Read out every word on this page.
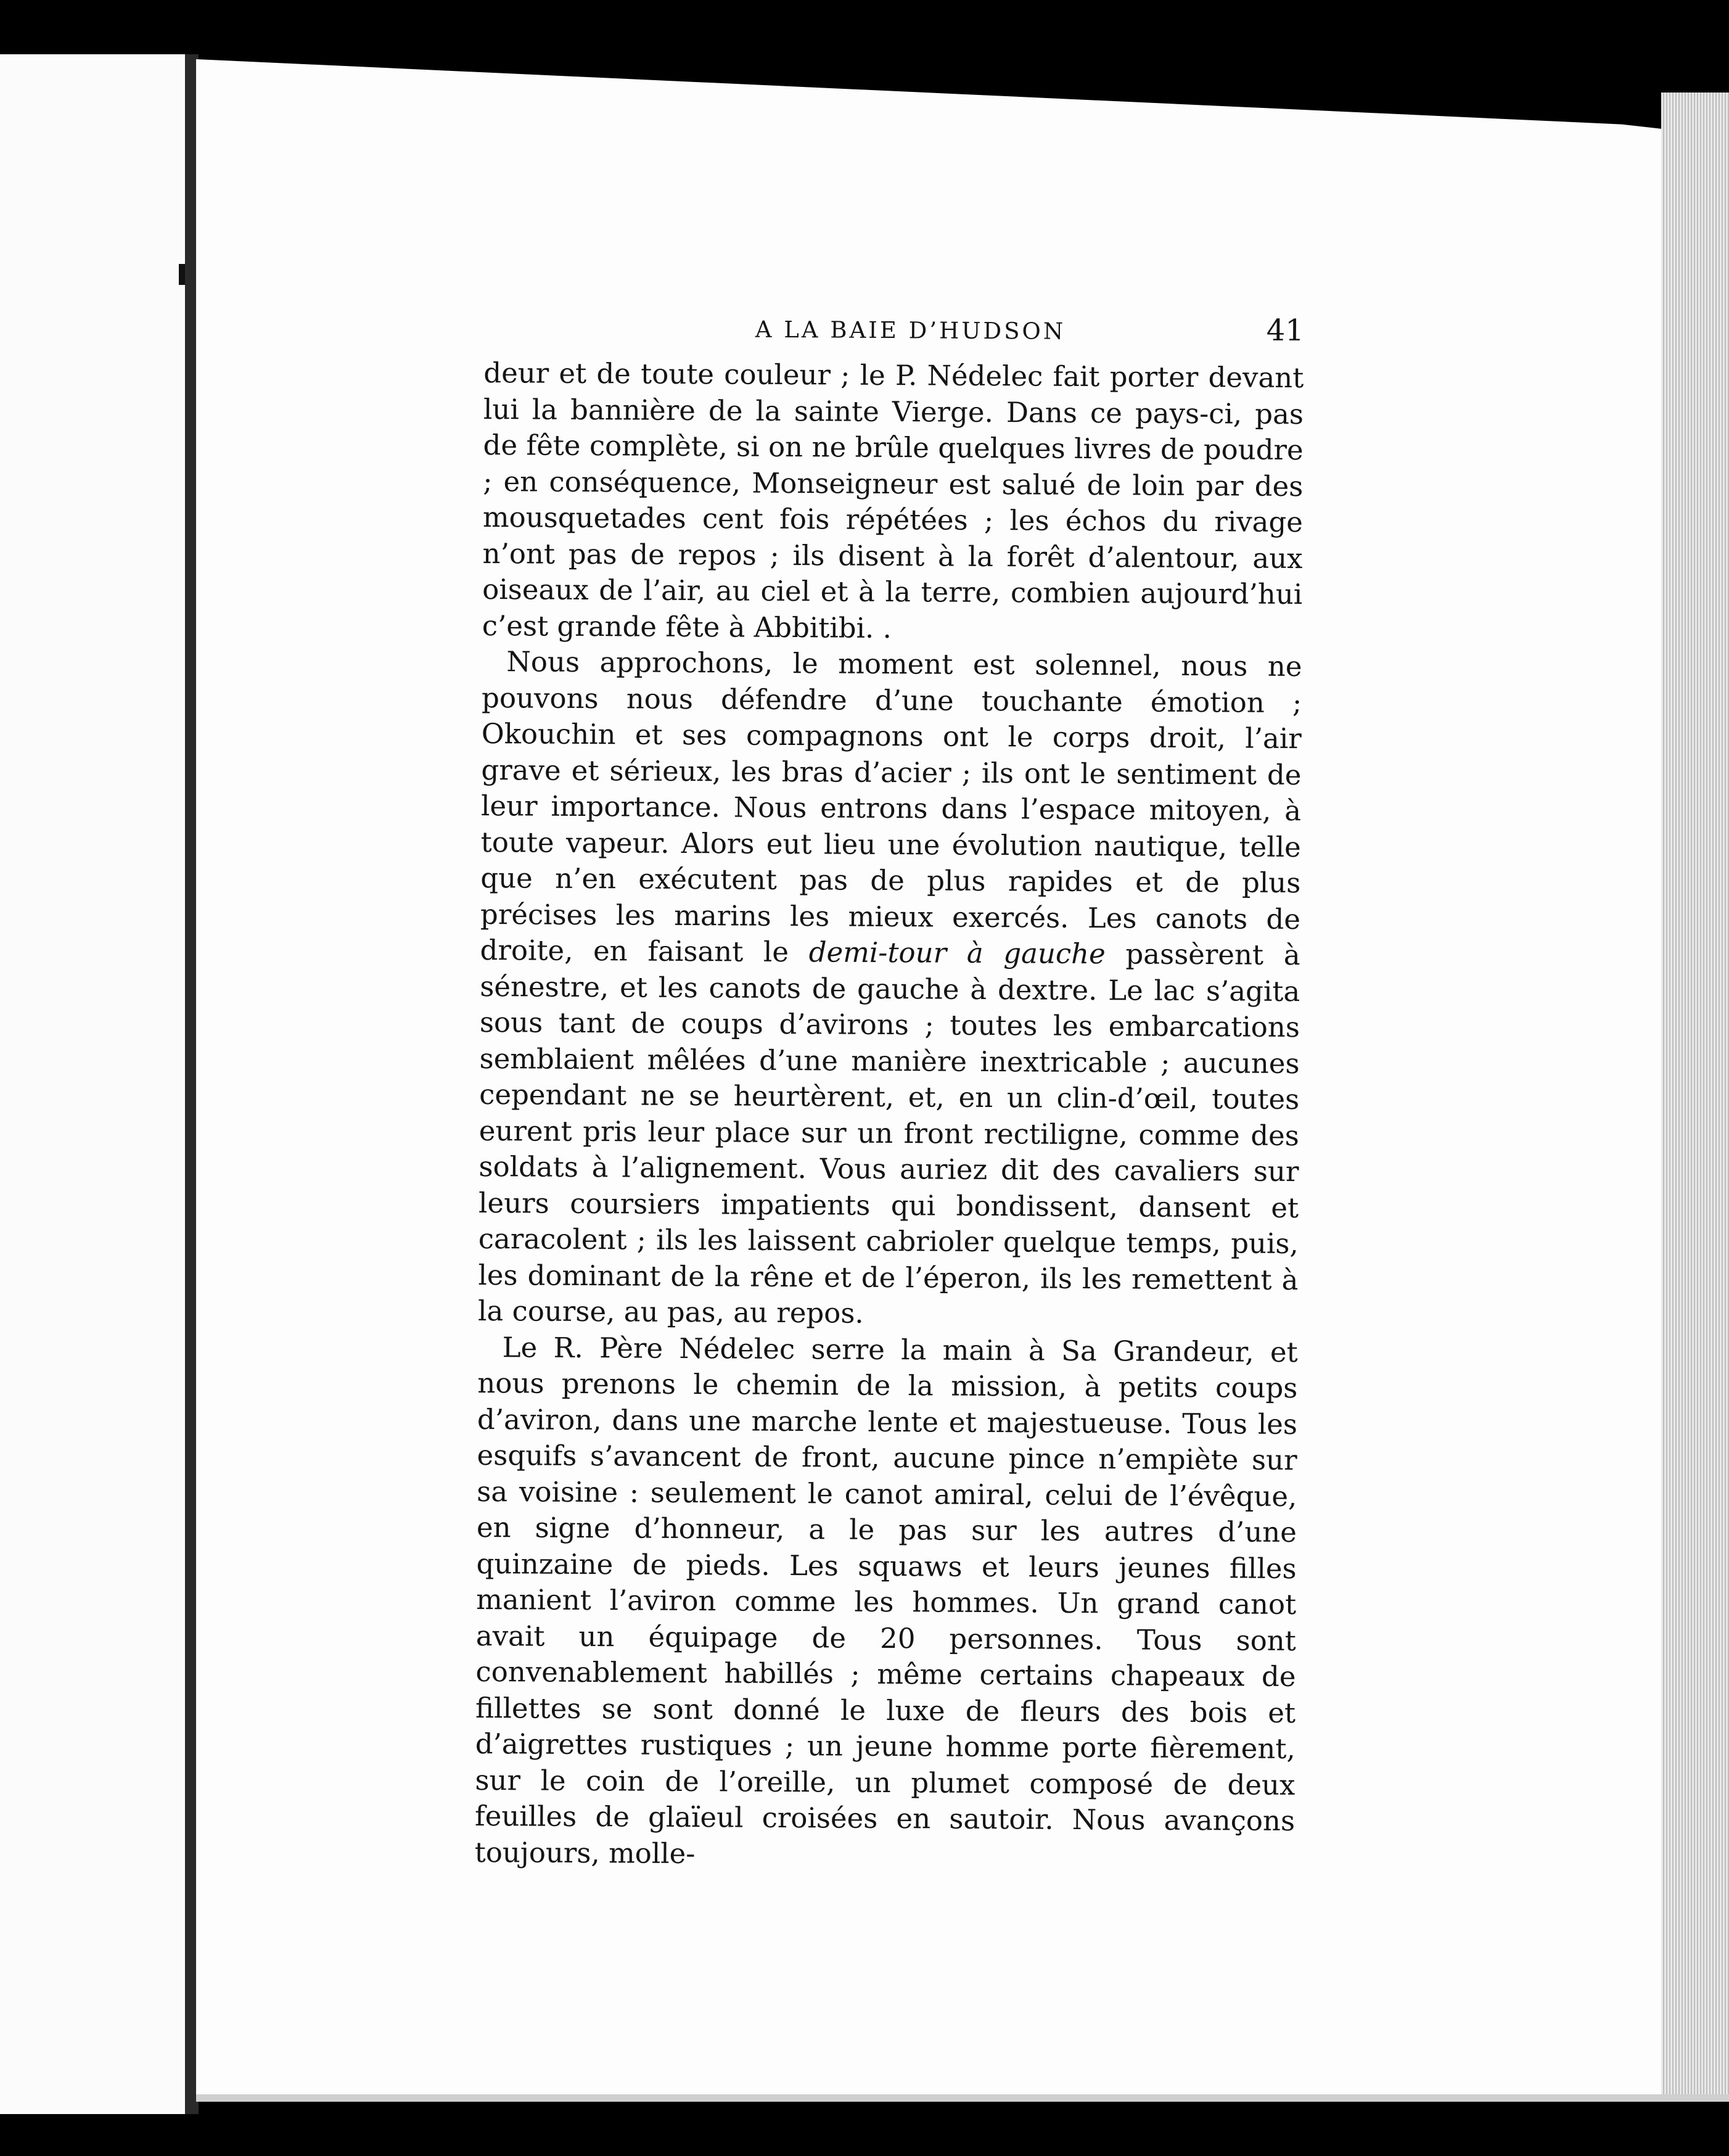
A LA BAIE D’HUDSON	41

deur et de toute couleur ; le P. Nédelec fait porter devant lui la bannière de la sainte Vierge. Dans ce pays-ci, pas de fête complète, si on ne brûle quelques livres de poudre ; en conséquence, Monseigneur est salué de loin par des mousquetades cent fois répétées ; les échos du rivage n’ont pas de repos ; ils disent à la forêt d’alentour, aux oiseaux de l’air, au ciel et à la terre, combien aujourd’hui c’est grande fête à Abbitibi. .

Nous approchons, le moment est solennel, nous ne pouvons nous défendre d’une touchante émotion ; Okouchin et ses compagnons ont le corps droit, l’air grave et sérieux, les bras d’acier ; ils ont le sentiment de leur importance. Nous entrons dans l’espace mitoyen, à toute vapeur. Alors eut lieu une évolution nautique, telle que n’en exécutent pas de plus rapides et de plus précises les marins les mieux exercés. Les canots de droite, en faisant le demi-tour à gauche passèrent à sénestre, et les canots de gauche à dextre. Le lac s’agita sous tant de coups d’avirons ; toutes les embarcations semblaient mêlées d’une manière inextricable ; aucunes cependant ne se heurtèrent, et, en un clin-d’œil, toutes eurent pris leur place sur un front rectiligne, comme des soldats à l’alignement. Vous auriez dit des cavaliers sur leurs coursiers impatients qui bondissent, dansent et caracolent ; ils les laissent cabrioler quelque temps, puis, les dominant de la rêne et de l’éperon, ils les remettent à la course, au pas, au repos.

Le R. Père Nédelec serre la main à Sa Grandeur, et nous prenons le chemin de la mission, à petits coups d’aviron, dans une marche lente et majestueuse. Tous les esquifs s’avancent de front, aucune pince n’empiète sur sa voisine : seulement le canot amiral, celui de l’évêque, en signe d’honneur, a le pas sur les autres d’une quinzaine de pieds. Les squaws et leurs jeunes filles manient l’aviron comme les hommes. Un grand canot avait un équipage de 20 personnes. Tous sont convenablement habillés ; même certains chapeaux de fillettes se sont donné le luxe de fleurs des bois et d’aigrettes rustiques ; un jeune homme porte fièrement, sur le coin de l’oreille, un plumet composé de deux feuilles de glaïeul croisées en sautoir. Nous avançons toujours, molle-
